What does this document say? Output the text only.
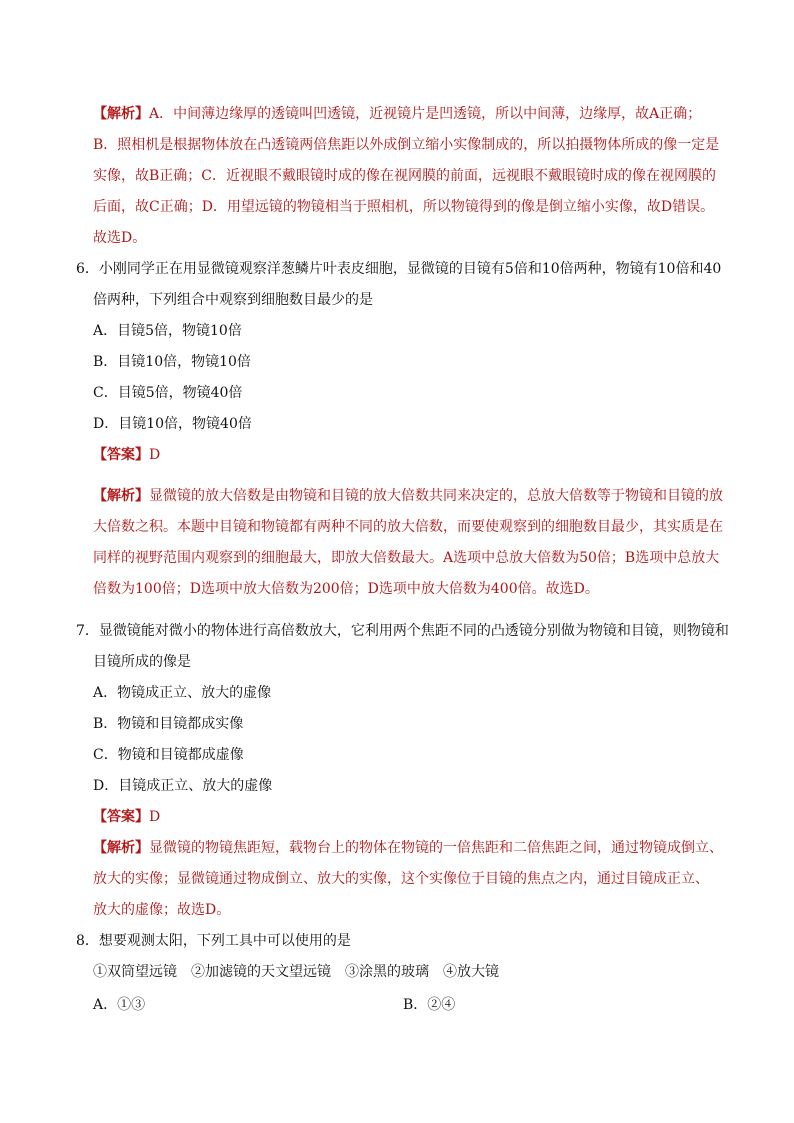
【解析】A．中间薄边缘厚的透镜叫凹透镜，近视镜片是凹透镜，所以中间薄，边缘厚，故A正确；
B．照相机是根据物体放在凸透镜两倍焦距以外成倒立缩小实像制成的，所以拍摄物体所成的像一定是
实像，故B正确；C．近视眼不戴眼镜时成的像在视网膜的前面，远视眼不戴眼镜时成的像在视网膜的
后面，故C正确；D．用望远镜的物镜相当于照相机，所以物镜得到的像是倒立缩小实像，故D错误。
故选D。
6．小刚同学正在用显微镜观察洋葱鳞片叶表皮细胞，显微镜的目镜有5倍和10倍两种，物镜有10倍和40
倍两种，下列组合中观察到细胞数目最少的是
A．目镜5倍，物镜10倍
B．目镜10倍，物镜10倍
C．目镜5倍，物镜40倍
D．目镜10倍，物镜40倍
【答案】D
【解析】显微镜的放大倍数是由物镜和目镜的放大倍数共同来决定的，总放大倍数等于物镜和目镜的放
大倍数之积。本题中目镜和物镜都有两种不同的放大倍数，而要使观察到的细胞数目最少，其实质是在
同样的视野范围内观察到的细胞最大，即放大倍数最大。A选项中总放大倍数为50倍；B选项中总放大
倍数为100倍；D选项中放大倍数为200倍；D选项中放大倍数为400倍。故选D。
7．显微镜能对微小的物体进行高倍数放大，它利用两个焦距不同的凸透镜分别做为物镜和目镜，则物镜和
目镜所成的像是
A．物镜成正立、放大的虚像
B．物镜和目镜都成实像
C．物镜和目镜都成虚像
D．目镜成正立、放大的虚像
【答案】D
【解析】显微镜的物镜焦距短，载物台上的物体在物镜的一倍焦距和二倍焦距之间，通过物镜成倒立、
放大的实像；显微镜通过物成倒立、放大的实像，这个实像位于目镜的焦点之内，通过目镜成正立、
放大的虚像；故选D。
8．想要观测太阳，下列工具中可以使用的是
①双筒望远镜　②加滤镜的天文望远镜　③涂黑的玻璃　④放大镜
A．①③	B．②④
